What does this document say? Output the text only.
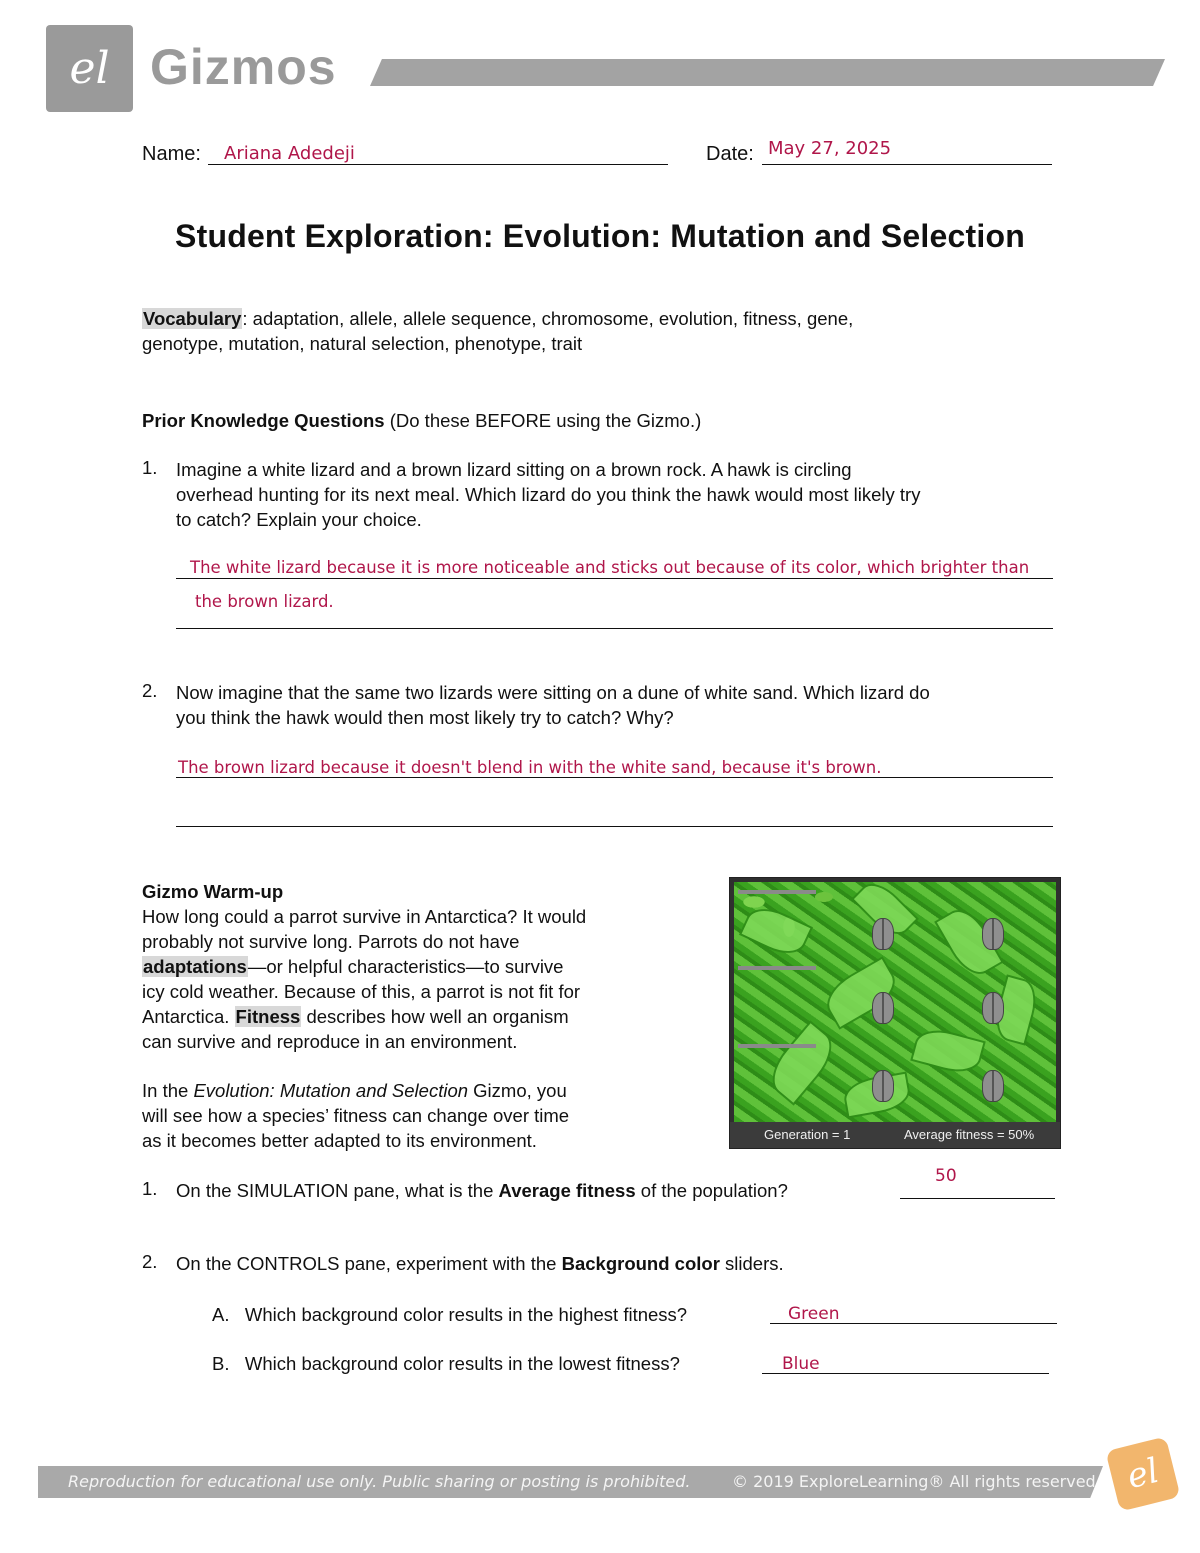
el Gizmos
Name: Ariana Adedeji	Date: May 27, 2025
Student Exploration: Evolution: Mutation and Selection
Vocabulary: adaptation, allele, allele sequence, chromosome, evolution, fitness, gene,
genotype, mutation, natural selection, phenotype, trait
Prior Knowledge Questions (Do these BEFORE using the Gizmo.)
1. Imagine a white lizard and a brown lizard sitting on a brown rock. A hawk is circling
overhead hunting for its next meal. Which lizard do you think the hawk would most likely try
to catch? Explain your choice.
The white lizard because it is more noticeable and sticks out because of its color, which brighter than
the brown lizard.
2. Now imagine that the same two lizards were sitting on a dune of white sand. Which lizard do
you think the hawk would then most likely try to catch? Why?
The brown lizard because it doesn't blend in with the white sand, because it's brown.
Gizmo Warm-up
How long could a parrot survive in Antarctica? It would
probably not survive long. Parrots do not have
adaptations—or helpful characteristics—to survive
icy cold weather. Because of this, a parrot is not fit for
Antarctica. Fitness describes how well an organism
can survive and reproduce in an environment.
In the Evolution: Mutation and Selection Gizmo, you
will see how a species’ fitness can change over time
as it becomes better adapted to its environment.	Generation = 1	Average fitness = 50%
1. On the SIMULATION pane, what is the Average fitness of the population?
50
2. On the CONTROLS pane, experiment with the Background color sliders.
A. Which background color results in the highest fitness?	Green
B. Which background color results in the lowest fitness?	Blue
Reproduction for educational use only. Public sharing or posting is prohibited.	© 2019 ExploreLearning® All rights reserved el
